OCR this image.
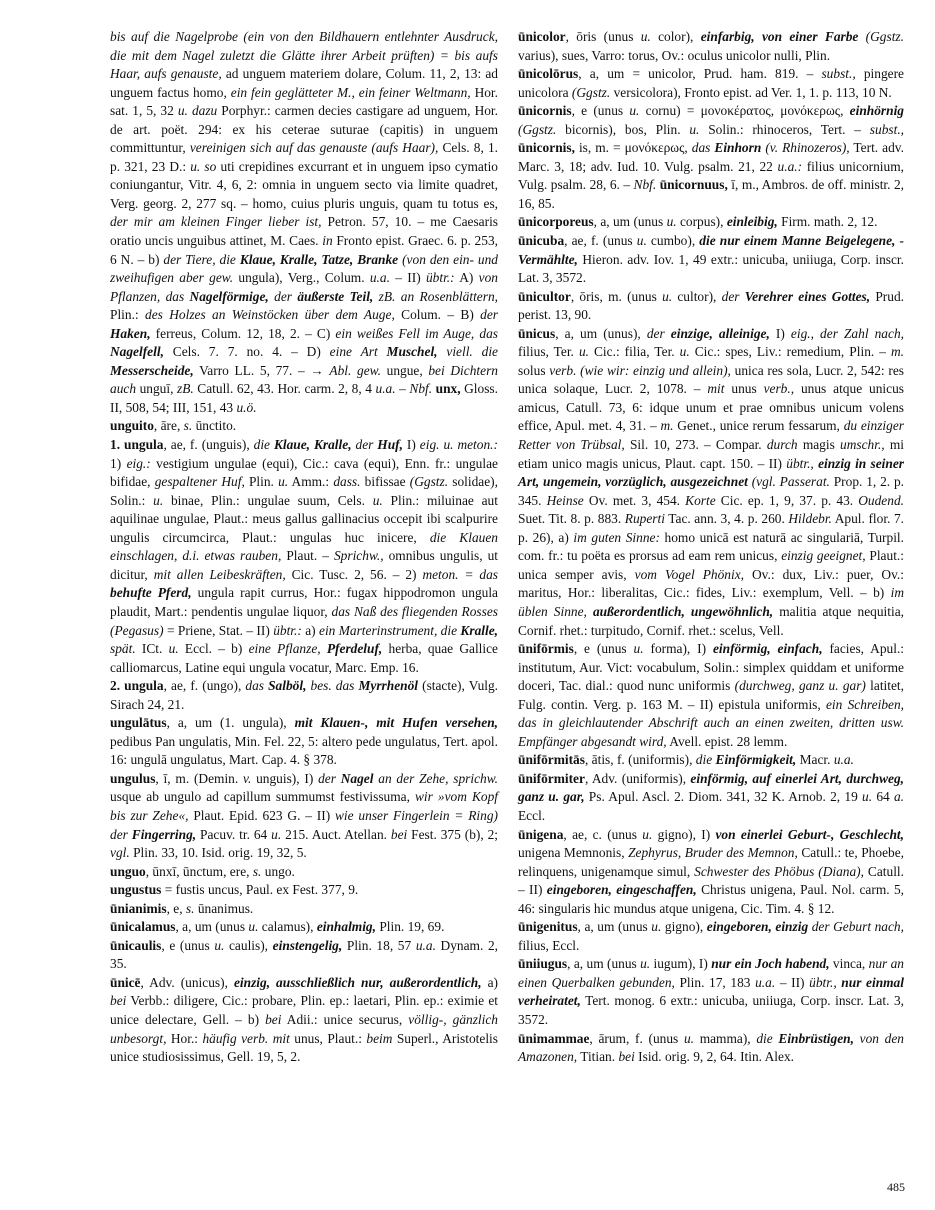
bis auf die Nagelprobe (ein von den Bildhauern entlehnter Ausdruck, die mit dem Nagel zuletzt die Glätte ihrer Arbeit prüften) = bis aufs Haar, aufs genauste, ad unguem materiem dolare, Colum. 11, 2, 13: ad unguem factus homo, ein fein geglätteter M., ein feiner Weltmann, Hor. sat. 1, 5, 32 u. dazu Porphyr.: carmen decies castigare ad unguem, Hor. de art. poët. 294: ex his ceterae suturae (capitis) in unguem committuntur, vereinigen sich auf das genauste (aufs Haar), Cels. 8, 1. p. 321, 23 D.: u. so uti crepidines excurrant et in unguem ipso cymatio coniungantur, Vitr. 4, 6, 2: omnia in unguem secto via limite quadret, Verg. georg. 2, 277 sq. – homo, cuius pluris unguis, quam tu totus es, der mir am kleinen Finger lieber ist, Petron. 57, 10. – me Caesaris oratio uncis unguibus attinet, M. Caes. in Fronto epist. Graec. 6. p. 253, 6 N. – b) der Tiere, die Klaue, Kralle, Tatze, Branke (von den ein- und zweihufigen aber gew. ungula), Verg., Colum. u.a. – II) übtr.: A) von Pflanzen, das Nagelförmige, der äußerste Teil, zB. an Rosenblättern, Plin.: des Holzes an Weinstöcken über dem Auge, Colum. – B) der Haken, ferreus, Colum. 12, 18, 2. – C) ein weißes Fell im Auge, das Nagelfell, Cels. 7. 7. no. 4. – D) eine Art Muschel, viell. die Messerscheide, Varro LL. 5, 77. – → Abl. gew. ungue, bei Dichtern auch unguī, zB. Catull. 62, 43. Hor. carm. 2, 8, 4 u.a. – Nbf. unx, Gloss. II, 508, 54; III, 151, 43 u.ö.

unguito, āre, s. ūnctito.

1. ungula, ae, f. (unguis), die Klaue, Kralle, der Huf, I) eig. u. meton.: 1) eig.: vestigium ungulae (equi), Cic.: cava (equi), Enn. fr.: ungulae bifidae, gespaltener Huf, Plin. u. Amm.: dass. bifissae (Ggstz. solidae), Solin.: u. binae, Plin.: ungulae suum, Cels. u. Plin.: miluinae aut aquilinae ungulae, Plaut.: meus gallus gallinacius occepit ibi scalpurire ungulis circumcirca, Plaut.: ungulas huc inicere, die Klauen einschlagen, d.i. etwas rauben, Plaut. – Sprichw., omnibus ungulis, ut dicitur, mit allen Leibeskräften, Cic. Tusc. 2, 56. – 2) meton. = das behufte Pferd, ungula rapit currus, Hor.: fugax hippodromon ungula plaudit, Mart.: pendentis ungulae liquor, das Naß des fliegenden Rosses (Pegasus) = Priene, Stat. – II) übtr.: a) ein Marterinstrument, die Kralle, spät. ICt. u. Eccl. – b) eine Pflanze, Pferdeluf, herba, quae Gallice calliomarcus, Latine equi ungula vocatur, Marc. Emp. 16.

2. ungula, ae, f. (ungo), das Salböl, bes. das Myrrhenöl (stacte), Vulg. Sirach 24, 21.

ungulātus, a, um (1. ungula), mit Klauen-, mit Hufen versehen, pedibus Pan ungulatis, Min. Fel. 22, 5: altero pede ungulatus, Tert. apol. 16: ungulā ungulatus, Mart. Cap. 4. § 378.

ungulus, ī, m. (Demin. v. unguis), I) der Nagel an der Zehe, sprichw. usque ab ungulo ad capillum summumst festivissuma, wir »vom Kopf bis zur Zehe«, Plaut. Epid. 623 G. – II) wie unser Fingerlein = Ring) der Fingerring, Pacuv. tr. 64 u. 215. Auct. Atellan. bei Fest. 375 (b), 2; vgl. Plin. 33, 10. Isid. orig. 19, 32, 5.

unguo, ūnxī, ūnctum, ere, s. ungo.

ungustus = fustis uncus, Paul. ex Fest. 377, 9.

ūnianimis, e, s. ūnanimus.

ūnicalamus, a, um (unus u. calamus), einhalmig, Plin. 19, 69.

ūnicaulis, e (unus u. caulis), einstengelig, Plin. 18, 57 u.a. Dynam. 2, 35.

ūnicē, Adv. (unicus), einzig, ausschließlich nur, außerordentlich, a) bei Verbb.: diligere, Cic.: probare, Plin. ep.: laetari, Plin. ep.: eximie et unice delectare, Gell. – b) bei Adii.: unice securus, völlig-, gänzlich unbesorgt, Hor.: häufig verb. mit unus, Plaut.: beim Superl., Aristotelis unice studiosissimus, Gell. 19, 5, 2.

ūnicolor, ōris (unus u. color), einfarbig, von einer Farbe (Ggstz. varius), sues, Varro: torus, Ov.: oculus unicolor nulli, Plin.

ūnicolōrus, a, um = unicolor, Prud. ham. 819. – subst., pingere unicolora (Ggstz. versicolora), Fronto epist. ad Ver. 1, 1. p. 113, 10 N.

ūnicornis, e (unus u. cornu) = μονοκέρατος, μονόκερως, einhörnig (Ggstz. bicornis), bos, Plin. u. Solin.: rhinoceros, Tert. – subst., ūnicornis, is, m. = μονόκερως, das Einhorn (v. Rhinozeros), Tert. adv. Marc. 3, 18; adv. Iud. 10. Vulg. psalm. 21, 22 u.a.: filius unicornium, Vulg. psalm. 28, 6. – Nbf. ūnicornuus, ī, m., Ambros. de off. ministr. 2, 16, 85.

ūnicorporeus, a, um (unus u. corpus), einleibig, Firm. math. 2, 12.

ūnicuba, ae, f. (unus u. cumbo), die nur einem Manne Beigelegene, -Vermählte, Hieron. adv. Iov. 1, 49 extr.: unicuba, uniiuga, Corp. inscr. Lat. 3, 3572.

ūnicultor, ōris, m. (unus u. cultor), der Verehrer eines Gottes, Prud. perist. 13, 90.

ūnicus, a, um (unus), der einzige, alleinige, I) eig., der Zahl nach, filius, Ter. u. Cic.: filia, Ter. u. Cic.: spes, Liv.: remedium, Plin. – m. solus verb. (wie wir: einzig und allein), unica res sola, Lucr. 2, 542: res unica solaque, Lucr. 2, 1078. – mit unus verb., unus atque unicus amicus, Catull. 73, 6: idque unum et prae omnibus unicum volens effice, Apul. met. 4, 31. – m. Genet., unice rerum fessarum, du einziger Retter von Trübsal, Sil. 10, 273. – Compar. durch magis umschr., mi etiam unico magis unicus, Plaut. capt. 150. – II) übtr., einzig in seiner Art, ungemein, vorzüglich, ausgezeichnet (vgl. Passerat. Prop. 1, 2. p. 345. Heinse Ov. met. 3, 454. Korte Cic. ep. 1, 9, 37. p. 43. Oudend. Suet. Tit. 8. p. 883. Ruperti Tac. ann. 3, 4. p. 260. Hildebr. Apul. flor. 7. p. 26), a) im guten Sinne: homo unicā est naturā ac singulariā, Turpil. com. fr.: tu poëta es prorsus ad eam rem unicus, einzig geeignet, Plaut.: unica semper avis, vom Vogel Phönix, Ov.: dux, Liv.: puer, Ov.: maritus, Hor.: liberalitas, Cic.: fides, Liv.: exemplum, Vell. – b) im üblen Sinne, außerordentlich, ungewöhnlich, malitia atque nequitia, Cornif. rhet.: turpitudo, Cornif. rhet.: scelus, Vell.

ūnifōrmis, e (unus u. forma), I) einförmig, einfach, facies, Apul.: institutum, Aur. Vict: vocabulum, Solin.: simplex quiddam et uniforme doceri, Tac. dial.: quod nunc uniformis (durchweg, ganz u. gar) latitet, Fulg. contin. Verg. p. 163 M. – II) epistula uniformis, ein Schreiben, das in gleichlautender Abschrift auch an einen zweiten, dritten usw. Empfänger abgesandt wird, Avell. epist. 28 lemm.

ūnifōrmitās, ātis, f. (uniformis), die Einförmigkeit, Macr. u.a.

ūnifōrmiter, Adv. (uniformis), einförmig, auf einerlei Art, durchweg, ganz u. gar, Ps. Apul. Ascl. 2. Diom. 341, 32 K. Arnob. 2, 19 u. 64 a. Eccl.

ūnigena, ae, c. (unus u. gigno), I) von einerlei Geburt-, Geschlecht, unigena Memnonis, Zephyrus, Bruder des Memnon, Catull.: te, Phoebe, relinquens, unigenamque simul, Schwester des Phöbus (Diana), Catull. – II) eingeboren, eingeschaffen, Christus unigena, Paul. Nol. carm. 5, 46: singularis hic mundus atque unigena, Cic. Tim. 4. § 12.

ūnigenitus, a, um (unus u. gigno), eingeboren, einzig der Geburt nach, filius, Eccl.

ūniiugus, a, um (unus u. iugum), I) nur ein Joch habend, vinca, nur an einen Querbalken gebunden, Plin. 17, 183 u.a. – II) übtr., nur einmal verheiratet, Tert. monog. 6 extr.: unicuba, uniiuga, Corp. inscr. Lat. 3, 3572.

ūnimammae, ārum, f. (unus u. mamma), die Einbrüstigen, von den Amazonen, Titian. bei Isid. orig. 9, 2, 64. Itin. Alex.

485
